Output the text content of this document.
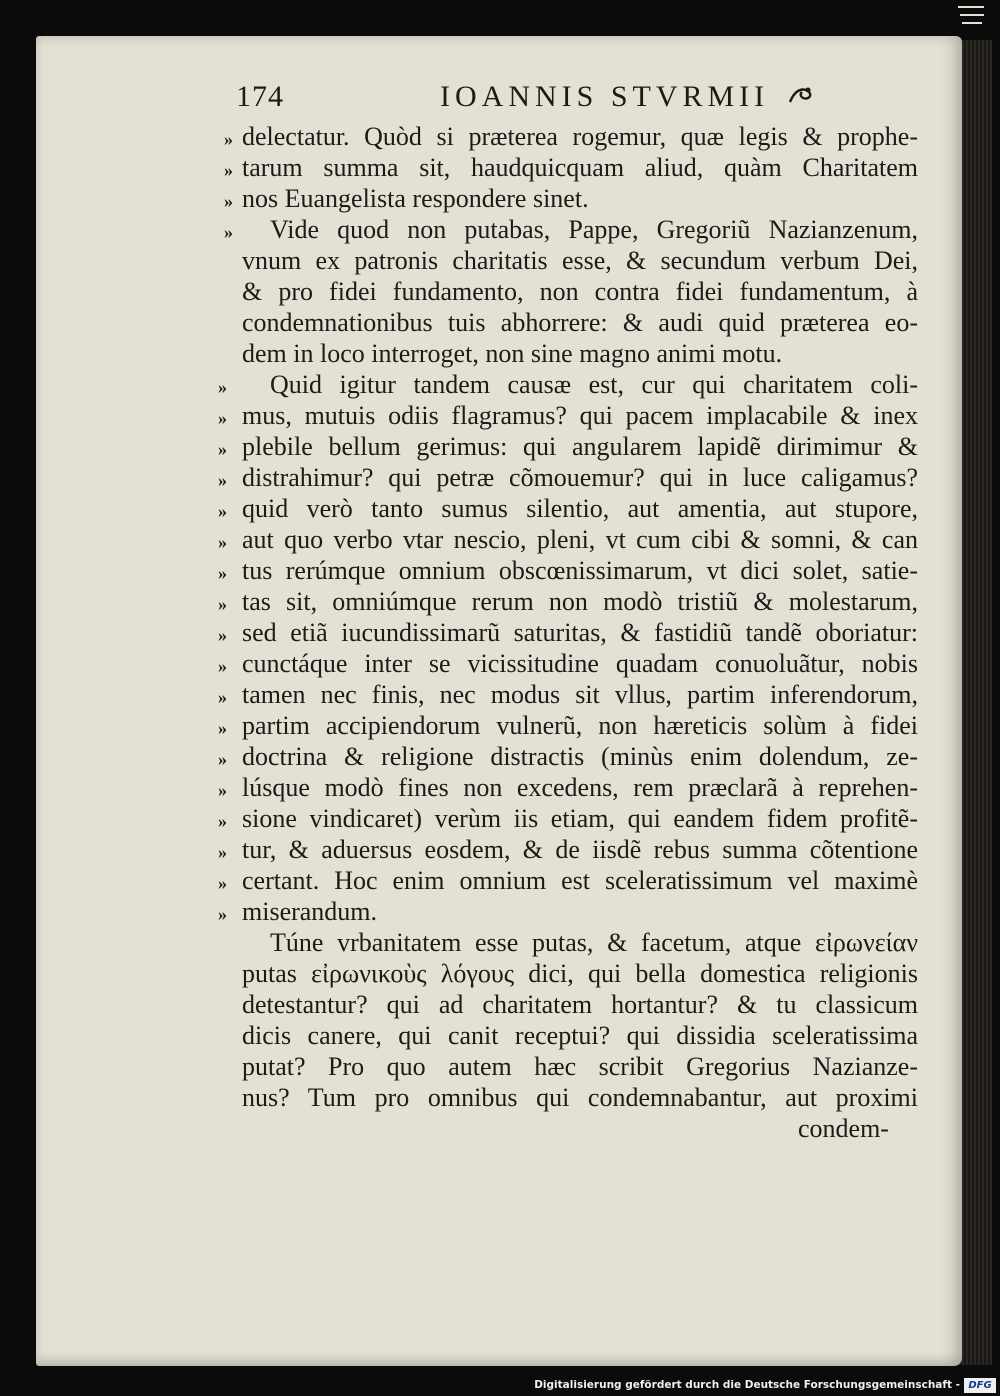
174	IOANNIS STVRMII
»
»
»
»
»
»
»
»
»
»
»
»
»
»
»
»
»
»
»
»
»
»
delectatur. Quòd si præterea rogemur, quæ legis & prophe-
tarum summa sit, haudquicquam aliud, quàm Charitatem
nos Euangelista respondere sinet.
Vide quod non putabas, Pappe, Gregoriũ Nazianzenum,
vnum ex patronis charitatis esse, & secundum verbum Dei,
& pro fidei fundamento, non contra fidei fundamentum, à
condemnationibus tuis abhorrere: & audi quid præterea eo-
dem in loco interroget, non sine magno animi motu.
Quid igitur tandem causæ est, cur qui charitatem coli-
mus, mutuis odiis flagramus? qui pacem implacabile & inex
plebile bellum gerimus: qui angularem lapidẽ dirimimur &
distrahimur? qui petræ cõmouemur? qui in luce caligamus?
quid verò tanto sumus silentio, aut amentia, aut stupore,
aut quo verbo vtar nescio, pleni, vt cum cibi & somni, & can
tus rerúmque omnium obscœnissimarum, vt dici solet, satie-
tas sit, omniúmque rerum non modò tristiũ & molestarum,
sed etiã iucundissimarũ saturitas, & fastidiũ tandẽ oboriatur:
cunctáque inter se vicissitudine quadam conuoluãtur, nobis
tamen nec finis, nec modus sit vllus, partim inferendorum,
partim accipiendorum vulnerũ, non hæreticis solùm à fidei
doctrina & religione distractis (minùs enim dolendum, ze-
lúsque modò fines non excedens, rem præclarã à reprehen-
sione vindicaret) verùm iis etiam, qui eandem fidem profitẽ-
tur, & aduersus eosdem, & de iisdẽ rebus summa cõtentione
certant. Hoc enim omnium est sceleratissimum vel maximè
miserandum.
Túne vrbanitatem esse putas, & facetum, atque εἰρωνείαν
putas εἰρωνικοὺς λόγους dici, qui bella domestica religionis
detestantur? qui ad charitatem hortantur? & tu classicum
dicis canere, qui canit receptui? qui dissidia sceleratissima
putat? Pro quo autem hæc scribit Gregorius Nazianze-
nus? Tum pro omnibus qui condemnabantur, aut proximi
condem-
Digitalisierung gefördert durch die Deutsche Forschungsgemeinschaft - DFG
